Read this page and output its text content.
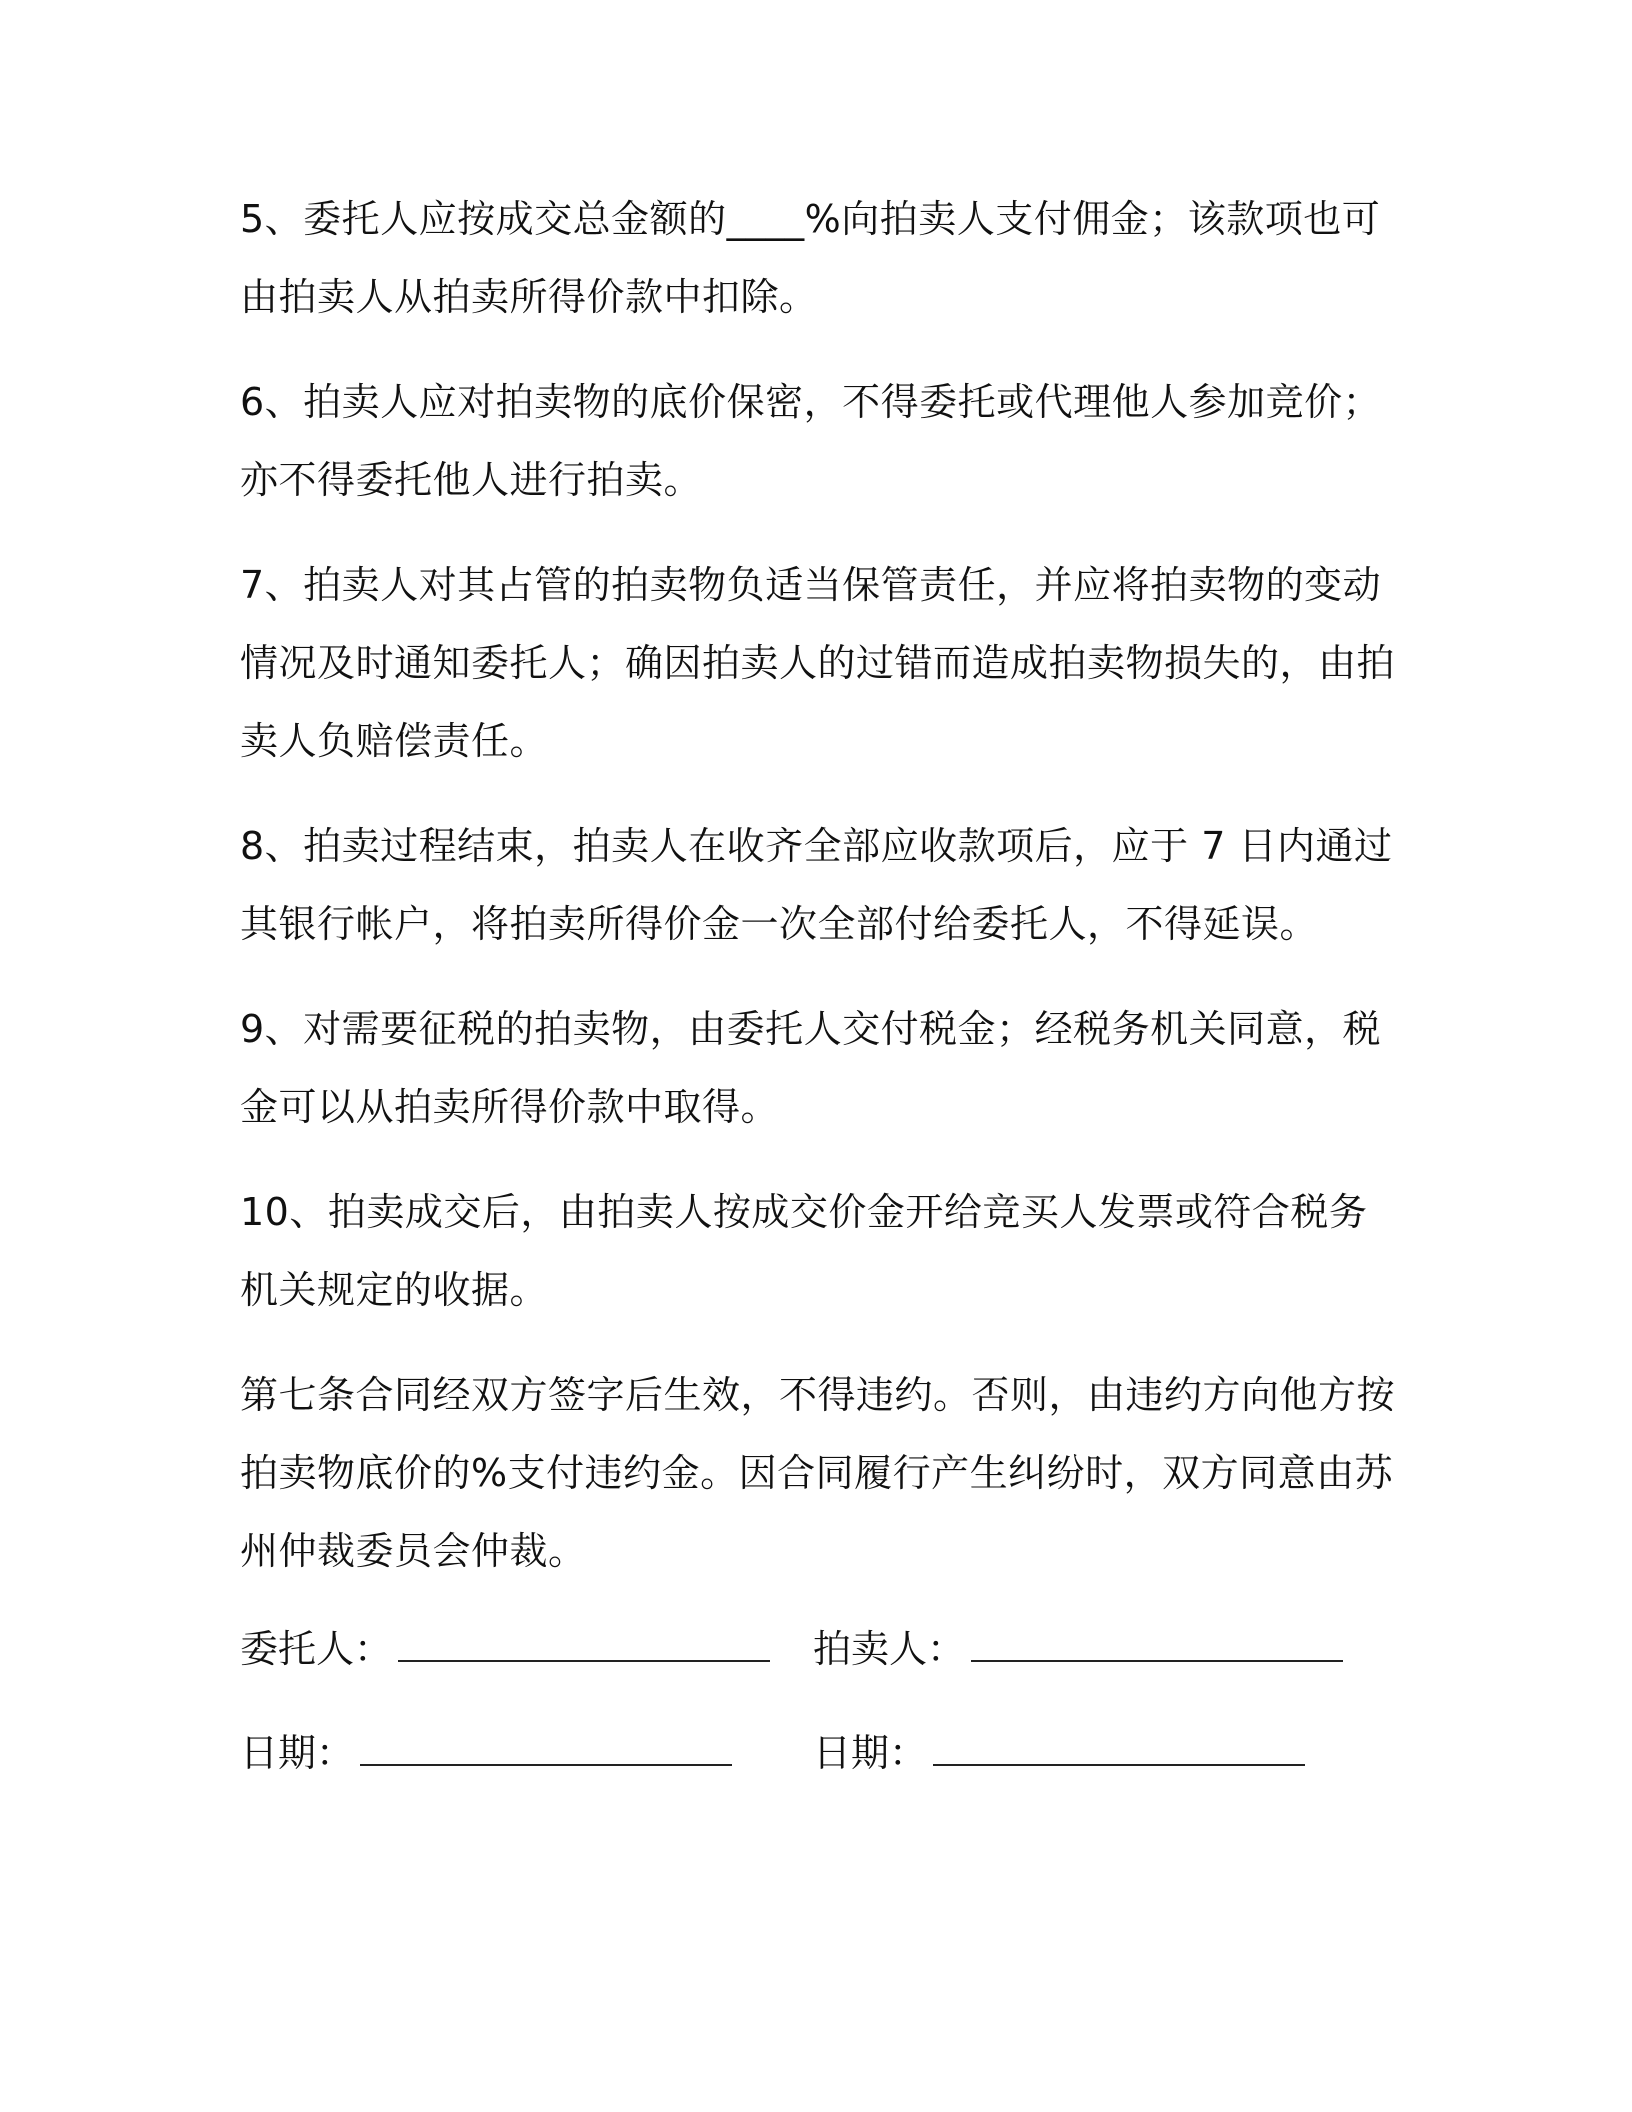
5、委托人应按成交总金额的____%向拍卖人支付佣金；该款项也可由拍卖人从拍卖所得价款中扣除。

6、拍卖人应对拍卖物的底价保密，不得委托或代理他人参加竞价；亦不得委托他人进行拍卖。

7、拍卖人对其占管的拍卖物负适当保管责任，并应将拍卖物的变动情况及时通知委托人；确因拍卖人的过错而造成拍卖物损失的，由拍卖人负赔偿责任。

8、拍卖过程结束，拍卖人在收齐全部应收款项后，应于 7 日内通过其银行帐户，将拍卖所得价金一次全部付给委托人，不得延误。

9、对需要征税的拍卖物，由委托人交付税金；经税务机关同意，税金可以从拍卖所得价款中取得。

10、拍卖成交后，由拍卖人按成交价金开给竞买人发票或符合税务机关规定的收据。

第七条合同经双方签字后生效，不得违约。否则，由违约方向他方按拍卖物底价的%支付违约金。因合同履行产生纠纷时，双方同意由苏州仲裁委员会仲裁。

委托人：	拍卖人：
日期：	日期：
